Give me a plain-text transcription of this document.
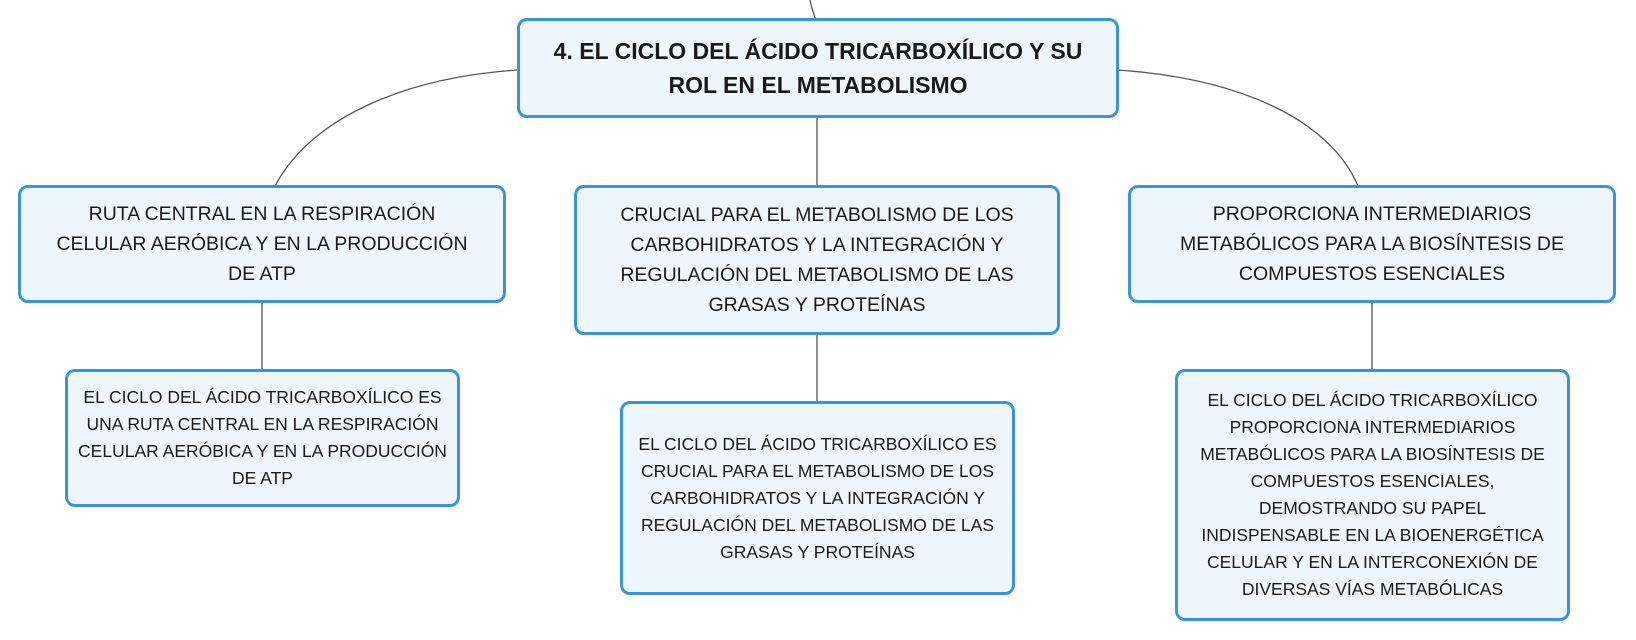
4. EL CICLO DEL ÁCIDO TRICARBOXÍLICO Y SU ROL EN EL METABOLISMO
RUTA CENTRAL EN LA RESPIRACIÓN CELULAR AERÓBICA Y EN LA PRODUCCIÓN DE ATP
CRUCIAL PARA EL METABOLISMO DE LOS CARBOHIDRATOS Y LA INTEGRACIÓN Y REGULACIÓN DEL METABOLISMO DE LAS GRASAS Y PROTEÍNAS
PROPORCIONA INTERMEDIARIOS METABÓLICOS PARA LA BIOSÍNTESIS DE COMPUESTOS ESENCIALES
EL CICLO DEL ÁCIDO TRICARBOXÍLICO ES UNA RUTA CENTRAL EN LA RESPIRACIÓN CELULAR AERÓBICA Y EN LA PRODUCCIÓN DE ATP
EL CICLO DEL ÁCIDO TRICARBOXÍLICO ES CRUCIAL PARA EL METABOLISMO DE LOS CARBOHIDRATOS Y LA INTEGRACIÓN Y REGULACIÓN DEL METABOLISMO DE LAS GRASAS Y PROTEÍNAS
EL CICLO DEL ÁCIDO TRICARBOXÍLICO PROPORCIONA INTERMEDIARIOS METABÓLICOS PARA LA BIOSÍNTESIS DE COMPUESTOS ESENCIALES, DEMOSTRANDO SU PAPEL INDISPENSABLE EN LA BIOENERGÉTICA CELULAR Y EN LA INTERCONEXIÓN DE DIVERSAS VÍAS METABÓLICAS
